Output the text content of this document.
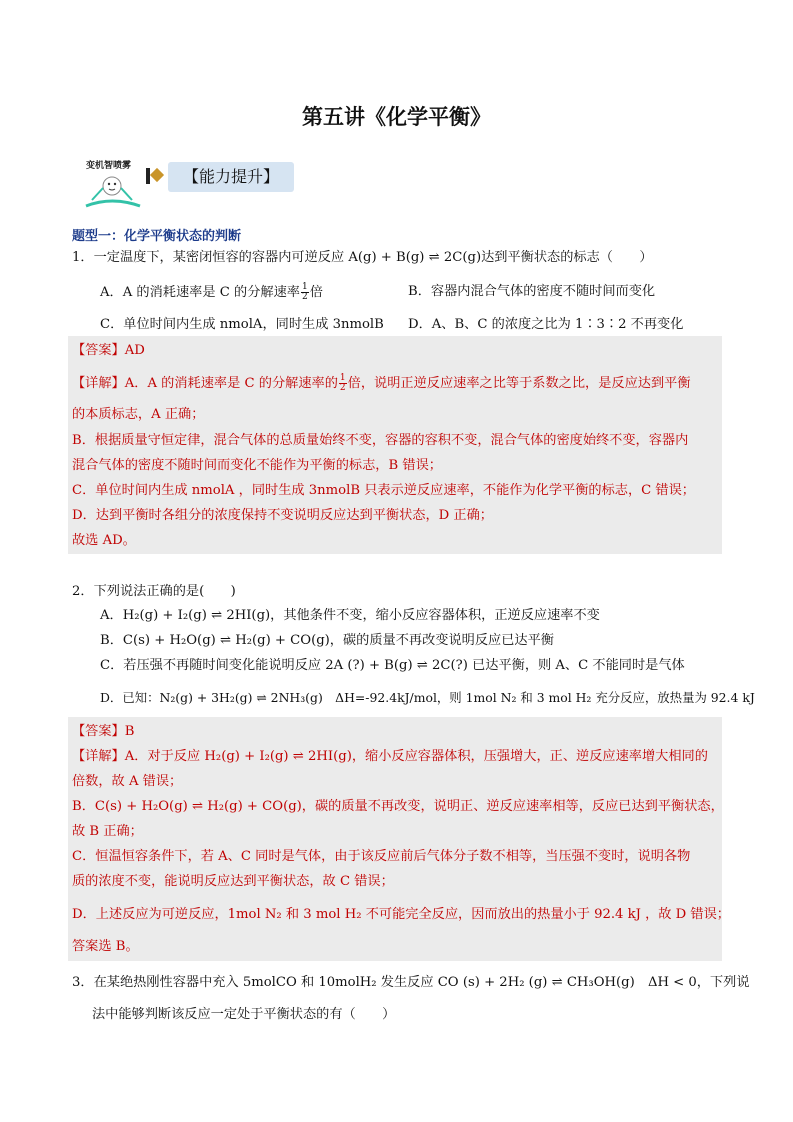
第五讲《化学平衡》
变机智喷雾
【能力提升】
题型一：化学平衡状态的判断
1．一定温度下，某密闭恒容的容器内可逆反应 A(g) + B(g) ⇌ 2C(g)达到平衡状态的标志（　　）
A．A 的消耗速率是 C 的分解速率 $\frac{1}{2}$ 倍	B．容器内混合气体的密度不随时间而变化
C．单位时间内生成 nmolA，同时生成 3nmolB D．A、B、C 的浓度之比为 1∶3∶2 不再变化
【答案】AD
【详解】A．A 的消耗速率是 C 的分解速率的 $\frac{1}{2}$ 倍，说明正逆反应速率之比等于系数之比，是反应达到平衡
的本质标志，A 正确；
B．根据质量守恒定律，混合气体的总质量始终不变，容器的容积不变，混合气体的密度始终不变，容器内
混合气体的密度不随时间而变化不能作为平衡的标志，B 错误；
C．单位时间内生成 nmolA ，同时生成 3nmolB 只表示逆反应速率，不能作为化学平衡的标志，C 错误；
D．达到平衡时各组分的浓度保持不变说明反应达到平衡状态，D 正确；
故选 AD。
2．下列说法正确的是(　　)
A．H₂(g) + I₂(g) ⇌ 2HI(g)，其他条件不变，缩小反应容器体积，正逆反应速率不变
B．C(s) + H₂O(g) ⇌ H₂(g) + CO(g)，碳的质量不再改变说明反应已达平衡
C．若压强不再随时间变化能说明反应 2A (?) + B(g) ⇌ 2C(?) 已达平衡，则 A、C 不能同时是气体
D．已知：N₂(g) + 3H₂(g) ⇌ 2NH₃(g)　ΔH=-92.4kJ/mol，则 1mol N₂ 和 3 mol H₂ 充分反应，放热量为 92.4 kJ
【答案】B
【详解】A．对于反应 H₂(g) + I₂(g) ⇌ 2HI(g)，缩小反应容器体积，压强增大，正、逆反应速率增大相同的
倍数，故 A 错误；
B．C(s) + H₂O(g) ⇌ H₂(g) + CO(g)，碳的质量不再改变，说明正、逆反应速率相等，反应已达到平衡状态，
故 B 正确；
C．恒温恒容条件下，若 A、C 同时是气体，由于该反应前后气体分子数不相等，当压强不变时，说明各物
质的浓度不变，能说明反应达到平衡状态，故 C 错误；
D．上述反应为可逆反应，1mol N₂ 和 3 mol H₂ 不可能完全反应，因而放出的热量小于 92.4 kJ ，故 D 错误；
答案选 B。
3．在某绝热刚性容器中充入 5molCO 和 10molH₂ 发生反应 CO (s) + 2H₂ (g) ⇌ CH₃OH(g)　ΔH < 0，下列说
法中能够判断该反应一定处于平衡状态的有（　　）
